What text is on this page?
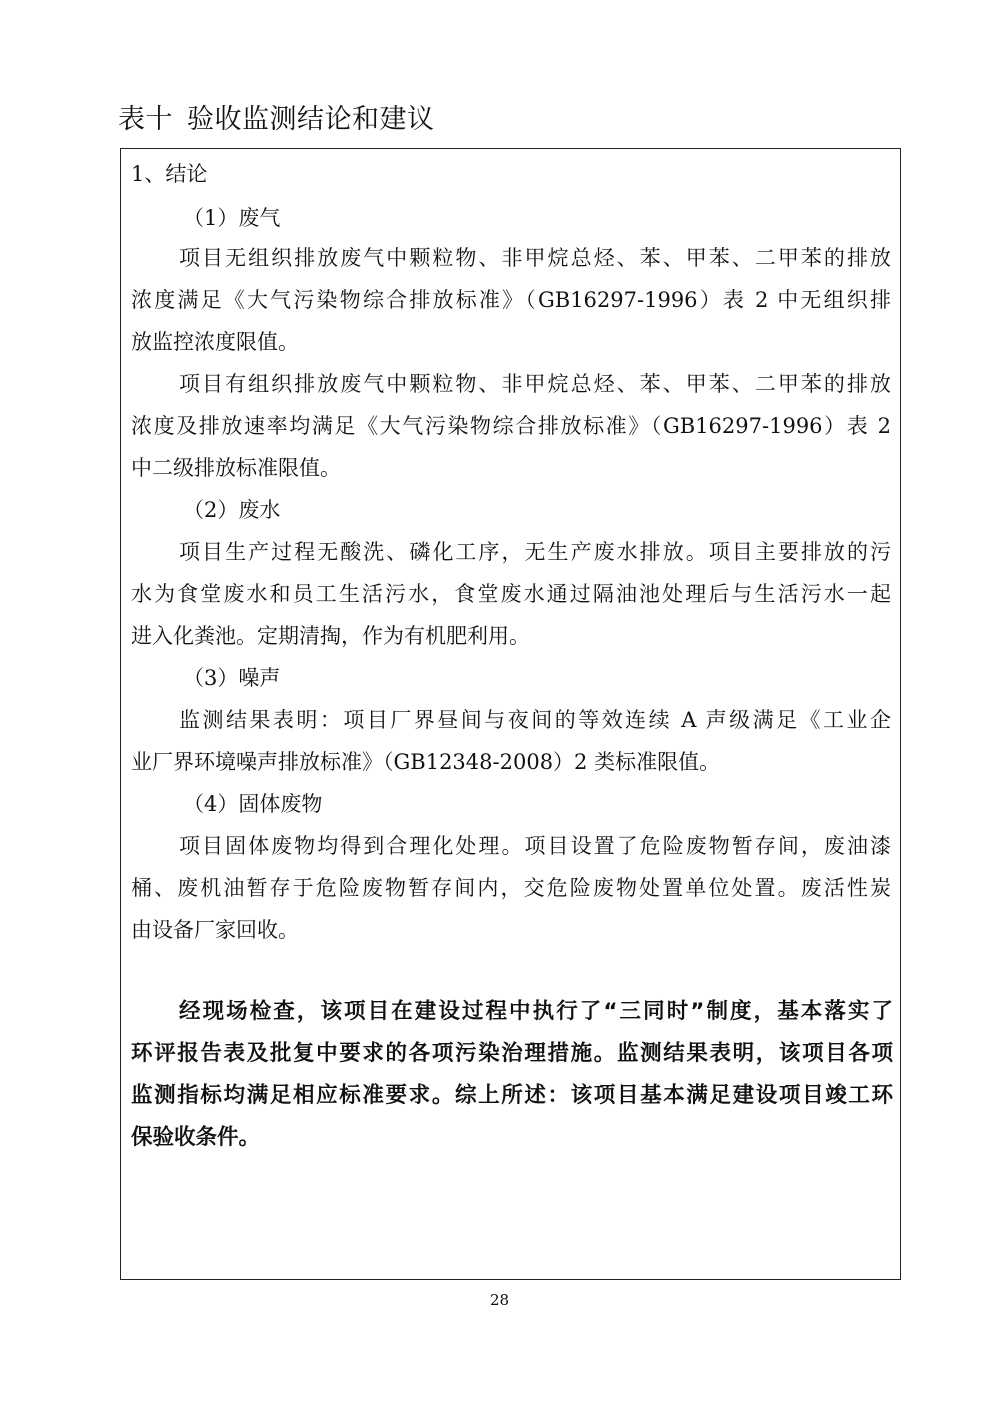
表十 验收监测结论和建议
1、结论
（1）废气
项目无组织排放废气中颗粒物、非甲烷总烃、苯、甲苯、二甲苯的排放
浓度满足《大气污染物综合排放标准》（GB16297-1996）表 2 中无组织排
放监控浓度限值。
项目有组织排放废气中颗粒物、非甲烷总烃、苯、甲苯、二甲苯的排放
浓度及排放速率均满足《大气污染物综合排放标准》（GB16297-1996）表 2
中二级排放标准限值。
（2）废水
项目生产过程无酸洗、磷化工序，无生产废水排放。项目主要排放的污
水为食堂废水和员工生活污水，食堂废水通过隔油池处理后与生活污水一起
进入化粪池。定期清掏，作为有机肥利用。
（3）噪声
监测结果表明：项目厂界昼间与夜间的等效连续 A 声级满足《工业企
业厂界环境噪声排放标准》（GB12348-2008）2 类标准限值。
（4）固体废物
项目固体废物均得到合理化处理。项目设置了危险废物暂存间，废油漆
桶、废机油暂存于危险废物暂存间内，交危险废物处置单位处置。废活性炭
由设备厂家回收。
经现场检查，该项目在建设过程中执行了“三同时”制度，基本落实了
环评报告表及批复中要求的各项污染治理措施。监测结果表明，该项目各项
监测指标均满足相应标准要求。综上所述：该项目基本满足建设项目竣工环
保验收条件。
28
